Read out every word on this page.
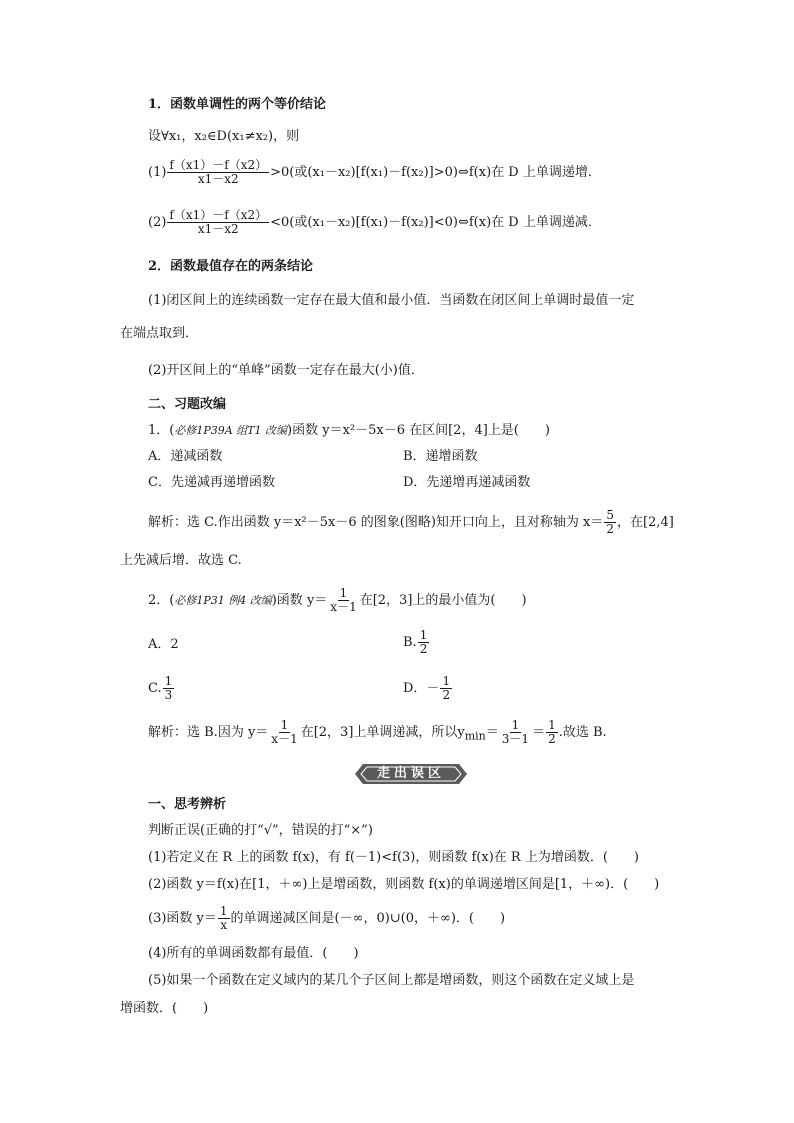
1．函数单调性的两个等价结论
设∀x₁，x₂∈D(x₁≠x₂)，则
$(1) \frac{f(x1)-f(x2)}{x1-x2} >0$(或(x₁－x₂)[f(x₁)－f(x₂)]>0)⇔f(x)在 D 上单调递增．
$(2) \frac{f(x1)-f(x2)}{x1-x2} <0$(或(x₁－x₂)[f(x₁)－f(x₂)]<0)⇔f(x)在 D 上单调递减．
2．函数最值存在的两条结论
(1)闭区间上的连续函数一定存在最大值和最小值．当函数在闭区间上单调时最值一定
在端点取到．
(2)开区间上的“单峰”函数一定存在最大(小)值．
二、习题改编
1．(必修1P39A 组T1 改编)函数 y＝x²－5x－6 在区间[2，4]上是(　　)
A．递减函数	B．递增函数
C．先递减再递增函数	D．先递增再递减函数
解析：选 C.作出函数 y＝x²－5x－6 的图象(图略)知开口向上，且对称轴为 $x= \frac{5}{2}$ ，在[2,4]
上先减后增．故选 C.
2．(必修1P31 例4 改编)函数 $y= \frac{1}{x-1}$ 在[2，3]上的最小值为(　　)
A．2	B. $\frac{1}{2}$
C. $\frac{1}{3}$	D．－ $\frac{1}{2}$
解析：选 B.因为 $y= \frac{1}{x-1}$ 在[2，3]上单调递减，所以$y_{min}= \frac{1}{3-1} = \frac{1}{2}$ .故选 B.
走出误区
一、思考辨析
判断正误(正确的打“√”，错误的打“×”)
(1)若定义在 R 上的函数 f(x)，有 f(－1)<f(3)，则函数 f(x)在 R 上为增函数．(　　)
(2)函数 y＝f(x)在[1，＋∞)上是增函数，则函数 f(x)的单调递增区间是[1，＋∞)．(　　)
(3)函数 $y= \frac{1}{x}$ 的单调递减区间是(－∞，0)∪(0，＋∞)．(　　)
(4)所有的单调函数都有最值．(　　)
(5)如果一个函数在定义域内的某几个子区间上都是增函数，则这个函数在定义域上是
增函数．(　　)
